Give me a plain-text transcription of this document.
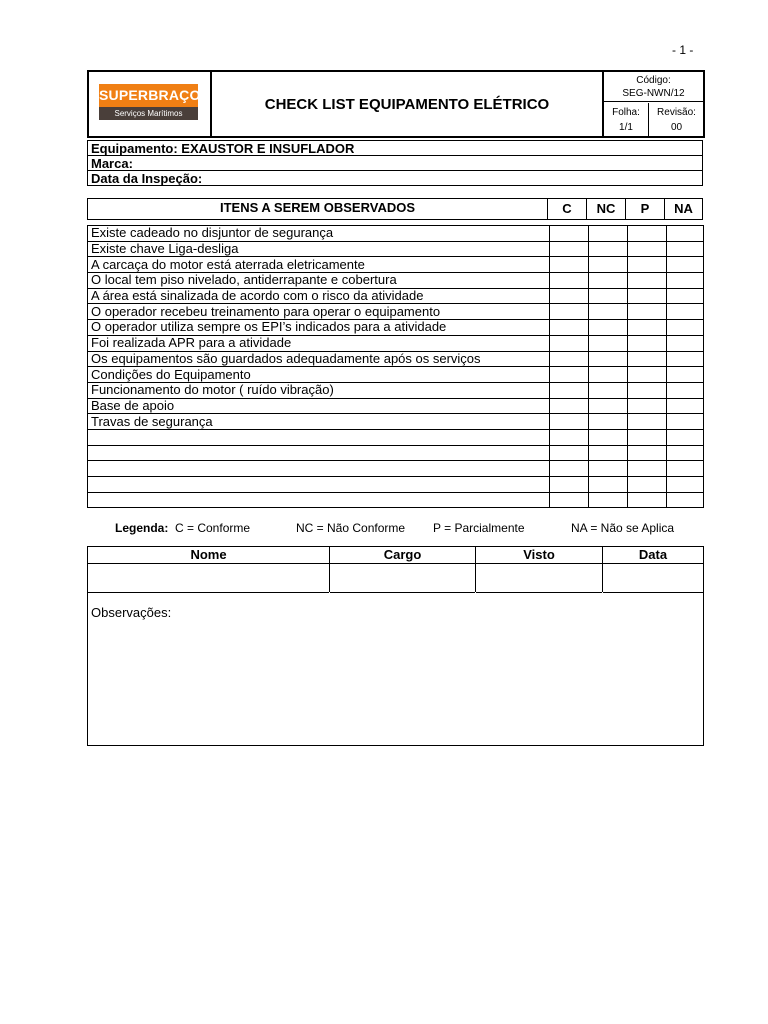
- 1 -
SUPERBRAÇO
Serviços Marítimos
CHECK LIST EQUIPAMENTO ELÉTRICO
Código:
SEG-NWN/12
Folha:
1/1
Revisão:
00
Equipamento: EXAUSTOR E INSUFLADOR
Marca:
Data da Inspeção:
ITENS A SEREM OBSERVADOS	C	NC	P	NA
Existe cadeado no disjuntor de segurança				
Existe chave Liga-desliga				
A carcaça do motor está aterrada eletricamente				
O local tem piso nivelado, antiderrapante e cobertura				
A área está sinalizada de acordo com o risco da atividade				
O operador recebeu treinamento para operar o equipamento				
O operador utiliza sempre os EPI’s indicados para a atividade				
Foi realizada APR para a atividade				
Os equipamentos são guardados adequadamente após os serviços				
Condições do Equipamento				
Funcionamento do motor ( ruído vibração)				
Base de apoio				
Travas de segurança				

Legenda: C = Conforme	NC = Não Conforme P = Parcialmente	NA = Não se Aplica
Nome	Cargo	Visto	Data
Observações:
